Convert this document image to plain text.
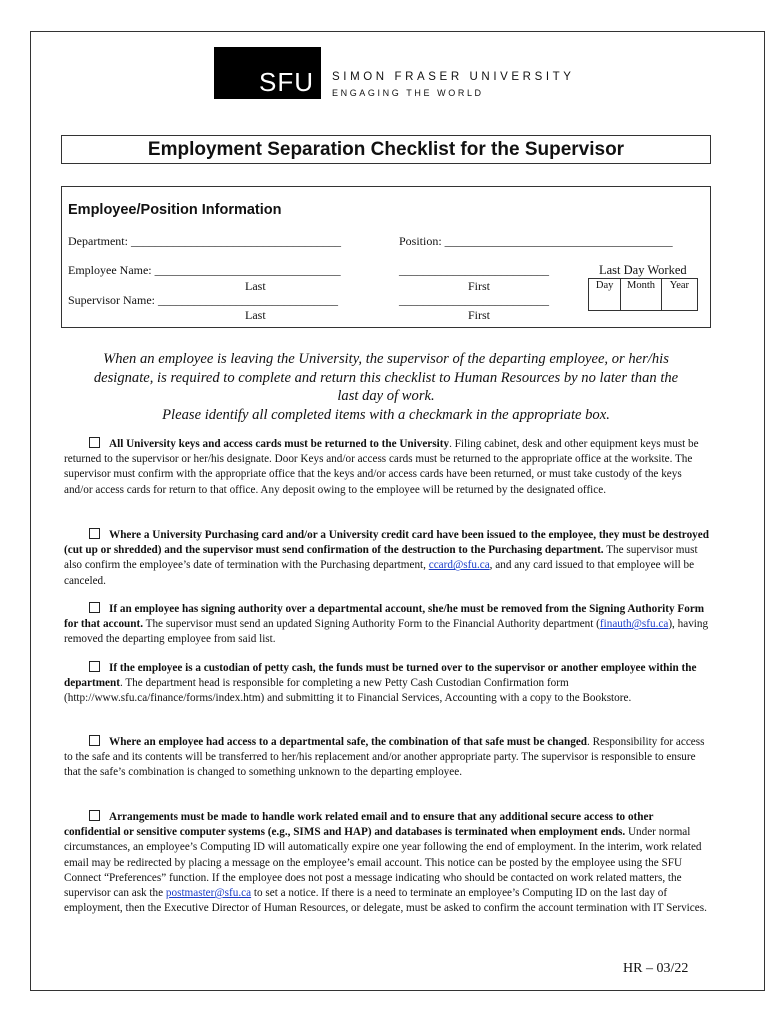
SFU SIMON FRASER UNIVERSITY
ENGAGING THE WORLD
Employment Separation Checklist for the Supervisor
Employee/Position Information
Department: ___________________________________	Position: ______________________________________
Employee Name: _______________________________	_________________________
Last	First
Supervisor Name: ______________________________	_________________________
Last	First
Last Day Worked
Day	Month	Year
When an employee is leaving the University, the supervisor of the departing employee, or her/his
designate, is required to complete and return this checklist to Human Resources by no later than the
last day of work.
Please identify all completed items with a checkmark in the appropriate box.
All University keys and access cards must be returned to the University. Filing cabinet, desk and other equipment keys must be returned to the supervisor or her/his designate. Door Keys and/or access cards must be returned to the appropriate office at the worksite. The supervisor must confirm with the appropriate office that the keys and/or access cards have been returned, or must take custody of the keys and/or access cards for return to that office. Any deposit owing to the employee will be returned by the designated office.
Where a University Purchasing card and/or a University credit card have been issued to the employee, they must be destroyed (cut up or shredded) and the supervisor must send confirmation of the destruction to the Purchasing department. The supervisor must also confirm the employee’s date of termination with the Purchasing department, ccard@sfu.ca, and any card issued to that employee will be canceled.
If an employee has signing authority over a departmental account, she/he must be removed from the Signing Authority Form for that account. The supervisor must send an updated Signing Authority Form to the Financial Authority department (finauth@sfu.ca), having removed the departing employee from said list.
If the employee is a custodian of petty cash, the funds must be turned over to the supervisor or another employee within the department. The department head is responsible for completing a new Petty Cash Custodian Confirmation form (http://www.sfu.ca/finance/forms/index.htm) and submitting it to Financial Services, Accounting with a copy to the Bookstore.
Where an employee had access to a departmental safe, the combination of that safe must be changed. Responsibility for access to the safe and its contents will be transferred to her/his replacement and/or another appropriate party. The supervisor is responsible to ensure that the safe’s combination is changed to something unknown to the departing employee.
Arrangements must be made to handle work related email and to ensure that any additional secure access to other confidential or sensitive computer systems (e.g., SIMS and HAP) and databases is terminated when employment ends. Under normal circumstances, an employee’s Computing ID will automatically expire one year following the end of employment. In the interim, work related email may be redirected by placing a message on the employee’s email account. This notice can be posted by the employee using the SFU Connect “Preferences” function. If the employee does not post a message indicating who should be contacted on work related matters, the supervisor can ask the postmaster@sfu.ca to set a notice. If there is a need to terminate an employee’s Computing ID on the last day of employment, then the Executive Director of Human Resources, or delegate, must be asked to confirm the account termination with IT Services.
HR – 03/22
